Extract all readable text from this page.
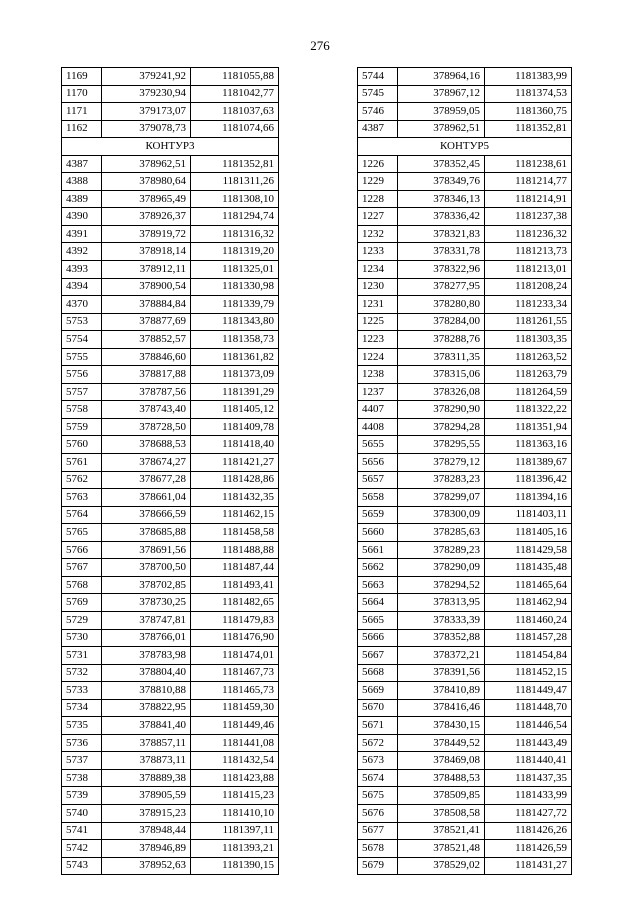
276
1169	379241,92	1181055,88
1170	379230,94	1181042,77
1171	379173,07	1181037,63
1162	379078,73	1181074,66
КОНТУР3		
4387	378962,51	1181352,81
4388	378980,64	1181311,26
4389	378965,49	1181308,10
4390	378926,37	1181294,74
4391	378919,72	1181316,32
4392	378918,14	1181319,20
4393	378912,11	1181325,01
4394	378900,54	1181330,98
4370	378884,84	1181339,79
5753	378877,69	1181343,80
5754	378852,57	1181358,73
5755	378846,60	1181361,82
5756	378817,88	1181373,09
5757	378787,56	1181391,29
5758	378743,40	1181405,12
5759	378728,50	1181409,78
5760	378688,53	1181418,40
5761	378674,27	1181421,27
5762	378677,28	1181428,86
5763	378661,04	1181432,35
5764	378666,59	1181462,15
5765	378685,88	1181458,58
5766	378691,56	1181488,88
5767	378700,50	1181487,44
5768	378702,85	1181493,41
5769	378730,25	1181482,65
5729	378747,81	1181479,83
5730	378766,01	1181476,90
5731	378783,98	1181474,01
5732	378804,40	1181467,73
5733	378810,88	1181465,73
5734	378822,95	1181459,30
5735	378841,40	1181449,46
5736	378857,11	1181441,08
5737	378873,11	1181432,54
5738	378889,38	1181423,88
5739	378905,59	1181415,23
5740	378915,23	1181410,10
5741	378948,44	1181397,11
5742	378946,89	1181393,21
5743	378952,63	1181390,15
5744	378964,16	1181383,99
5745	378967,12	1181374,53
5746	378959,05	1181360,75
4387	378962,51	1181352,81
КОНТУР5		
1226	378352,45	1181238,61
1229	378349,76	1181214,77
1228	378346,13	1181214,91
1227	378336,42	1181237,38
1232	378321,83	1181236,32
1233	378331,78	1181213,73
1234	378322,96	1181213,01
1230	378277,95	1181208,24
1231	378280,80	1181233,34
1225	378284,00	1181261,55
1223	378288,76	1181303,35
1224	378311,35	1181263,52
1238	378315,06	1181263,79
1237	378326,08	1181264,59
4407	378290,90	1181322,22
4408	378294,28	1181351,94
5655	378295,55	1181363,16
5656	378279,12	1181389,67
5657	378283,23	1181396,42
5658	378299,07	1181394,16
5659	378300,09	1181403,11
5660	378285,63	1181405,16
5661	378289,23	1181429,58
5662	378290,09	1181435,48
5663	378294,52	1181465,64
5664	378313,95	1181462,94
5665	378333,39	1181460,24
5666	378352,88	1181457,28
5667	378372,21	1181454,84
5668	378391,56	1181452,15
5669	378410,89	1181449,47
5670	378416,46	1181448,70
5671	378430,15	1181446,54
5672	378449,52	1181443,49
5673	378469,08	1181440,41
5674	378488,53	1181437,35
5675	378509,85	1181433,99
5676	378508,58	1181427,72
5677	378521,41	1181426,26
5678	378521,48	1181426,59
5679	378529,02	1181431,27
